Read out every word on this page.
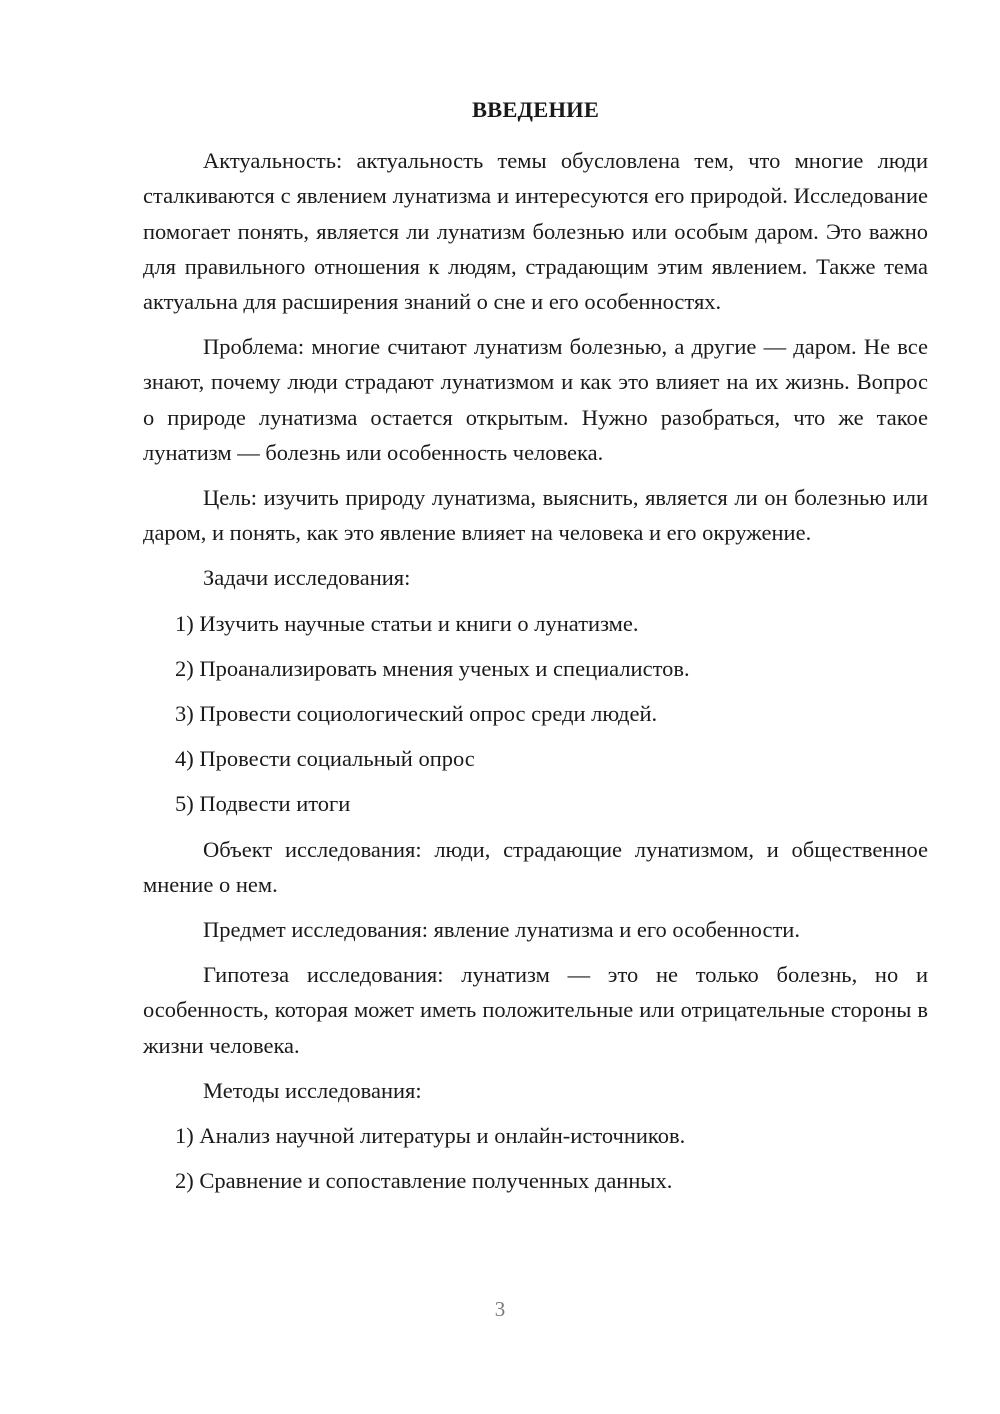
ВВЕДЕНИЕ

Актуальность: актуальность темы обусловлена тем, что многие люди сталкиваются с явлением лунатизма и интересуются его природой. Исследование помогает понять, является ли лунатизм болезнью или особым даром. Это важно для правильного отношения к людям, страдающим этим явлением. Также тема актуальна для расширения знаний о сне и его особенностях.

Проблема: многие считают лунатизм болезнью, а другие — даром. Не все знают, почему люди страдают лунатизмом и как это влияет на их жизнь. Вопрос о природе лунатизма остается открытым. Нужно разобраться, что же такое лунатизм — болезнь или особенность человека.

Цель: изучить природу лунатизма, выяснить, является ли он болезнью или даром, и понять, как это явление влияет на человека и его окружение.

Задачи исследования:

1) Изучить научные статьи и книги о лунатизме.

2) Проанализировать мнения ученых и специалистов.

3) Провести социологический опрос среди людей.

4) Провести социальный опрос

5) Подвести итоги

Объект исследования: люди, страдающие лунатизмом, и общественное мнение о нем.

Предмет исследования: явление лунатизма и его особенности.

Гипотеза исследования: лунатизм — это не только болезнь, но и особенность, которая может иметь положительные или отрицательные стороны в жизни человека.

Методы исследования:

1) Анализ научной литературы и онлайн-источников.

2) Сравнение и сопоставление полученных данных.

3
